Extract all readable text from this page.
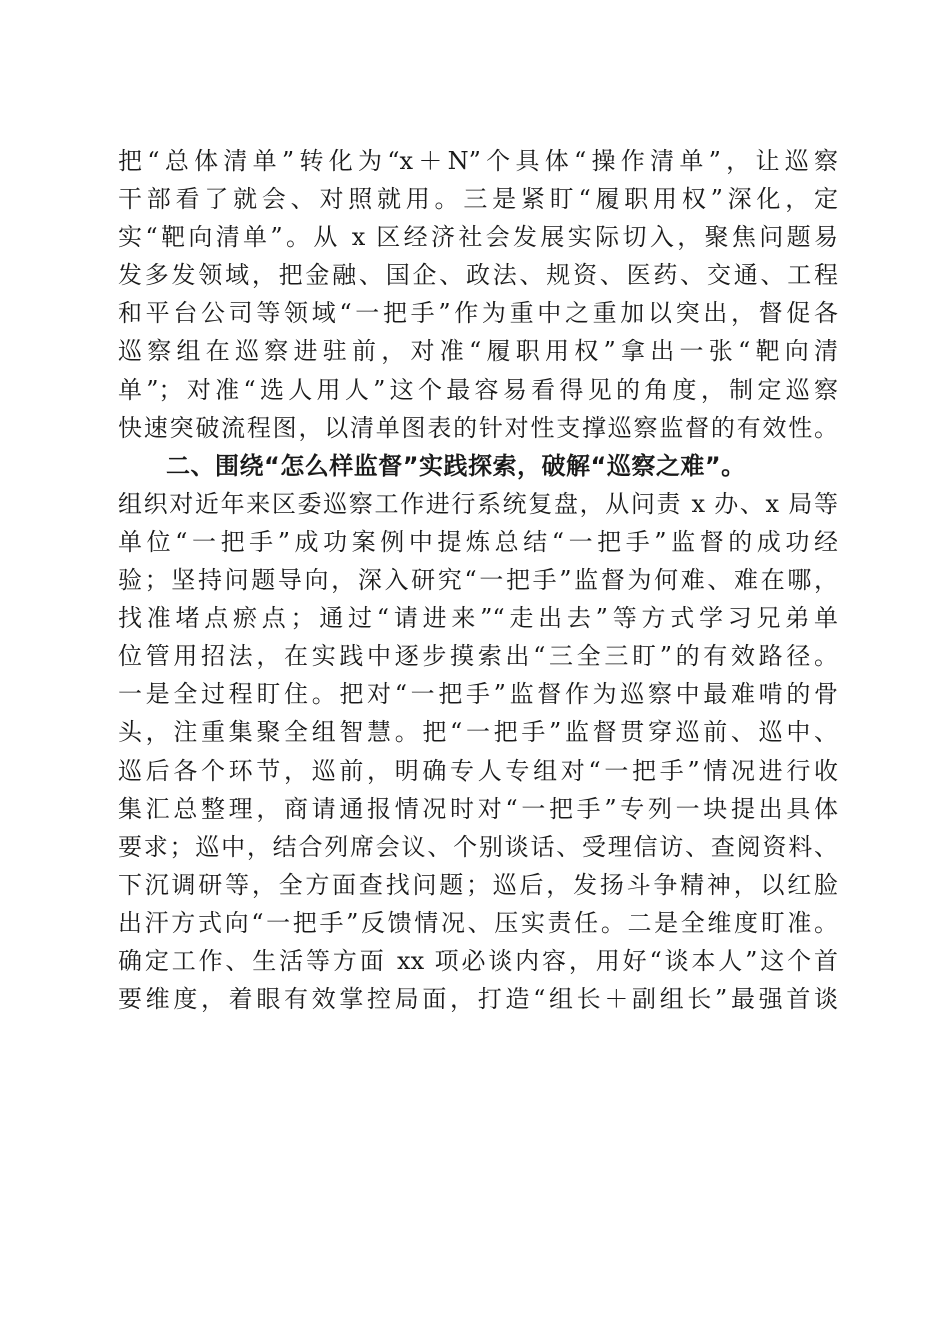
把“总体清单”转化为“x＋N”个具体“操作清单”，让巡察
干部看了就会、对照就用。三是紧盯“履职用权”深化，定
实“靶向清单”。从 x 区经济社会发展实际切入，聚焦问题易
发多发领域，把金融、国企、政法、规资、医药、交通、工程
和平台公司等领域“一把手”作为重中之重加以突出，督促各
巡察组在巡察进驻前，对准“履职用权”拿出一张“靶向清
单”；对准“选人用人”这个最容易看得见的角度，制定巡察
快速突破流程图，以清单图表的针对性支撑巡察监督的有效性。
二、围绕“怎么样监督”实践探索，破解“巡察之难”。
组织对近年来区委巡察工作进行系统复盘，从问责 x 办、x 局等
单位“一把手”成功案例中提炼总结“一把手”监督的成功经
验；坚持问题导向，深入研究“一把手”监督为何难、难在哪，
找准堵点瘀点；通过“请进来”“走出去”等方式学习兄弟单
位管用招法，在实践中逐步摸索出“三全三盯”的有效路径。
一是全过程盯住。把对“一把手”监督作为巡察中最难啃的骨
头，注重集聚全组智慧。把“一把手”监督贯穿巡前、巡中、
巡后各个环节，巡前，明确专人专组对“一把手”情况进行收
集汇总整理，商请通报情况时对“一把手”专列一块提出具体
要求；巡中，结合列席会议、个别谈话、受理信访、查阅资料、
下沉调研等，全方面查找问题；巡后，发扬斗争精神，以红脸
出汗方式向“一把手”反馈情况、压实责任。二是全维度盯准。
确定工作、生活等方面 xx 项必谈内容，用好“谈本人”这个首
要维度，着眼有效掌控局面，打造“组长＋副组长”最强首谈
